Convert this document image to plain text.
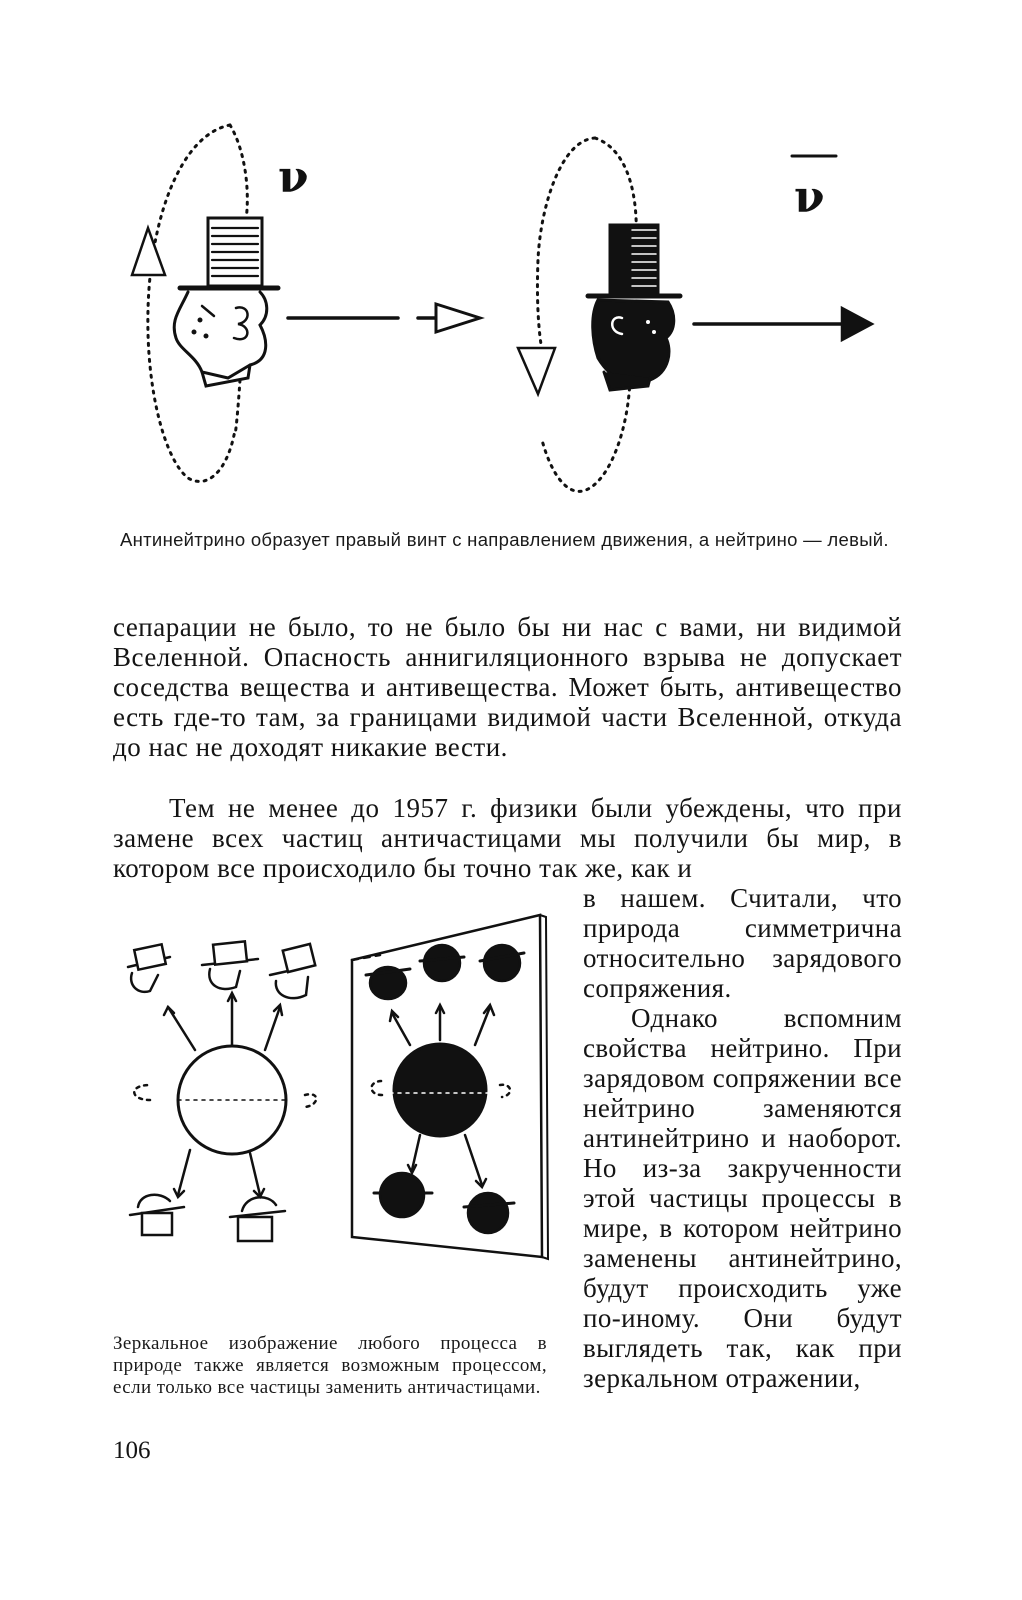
ν	ν

Антинейтрино образует правый винт с направлением движения, а нейтрино — левый.

сепарации не было, то не было бы ни нас с вами, ни видимой Вселенной. Опасность аннигиляционного взрыва не допускает соседства вещества и антивещества. Может быть, антивещество есть где-то там, за границами видимой части Вселенной, откуда до нас не доходят никакие вести.

Тем не менее до 1957 г. физики были убеждены, что при замене всех частиц античастицами мы получили бы мир, в котором все происходило бы точно так же, как и

в нашем. Считали, что природа симметрична относительно зарядового сопряжения.

Однако вспомним свойства нейтрино. При зарядовом сопряжении все нейтрино заменяются антинейтрино и наоборот. Но из-за закрученности этой частицы процессы в мире, в котором нейтрино заменены антинейтрино, будут происходить уже по-иному. Они будут выглядеть так, как при зеркальном отражении,

Зеркальное изображение любого процесса в природе также является возможным процессом, если только все частицы заменить античастицами.

106
